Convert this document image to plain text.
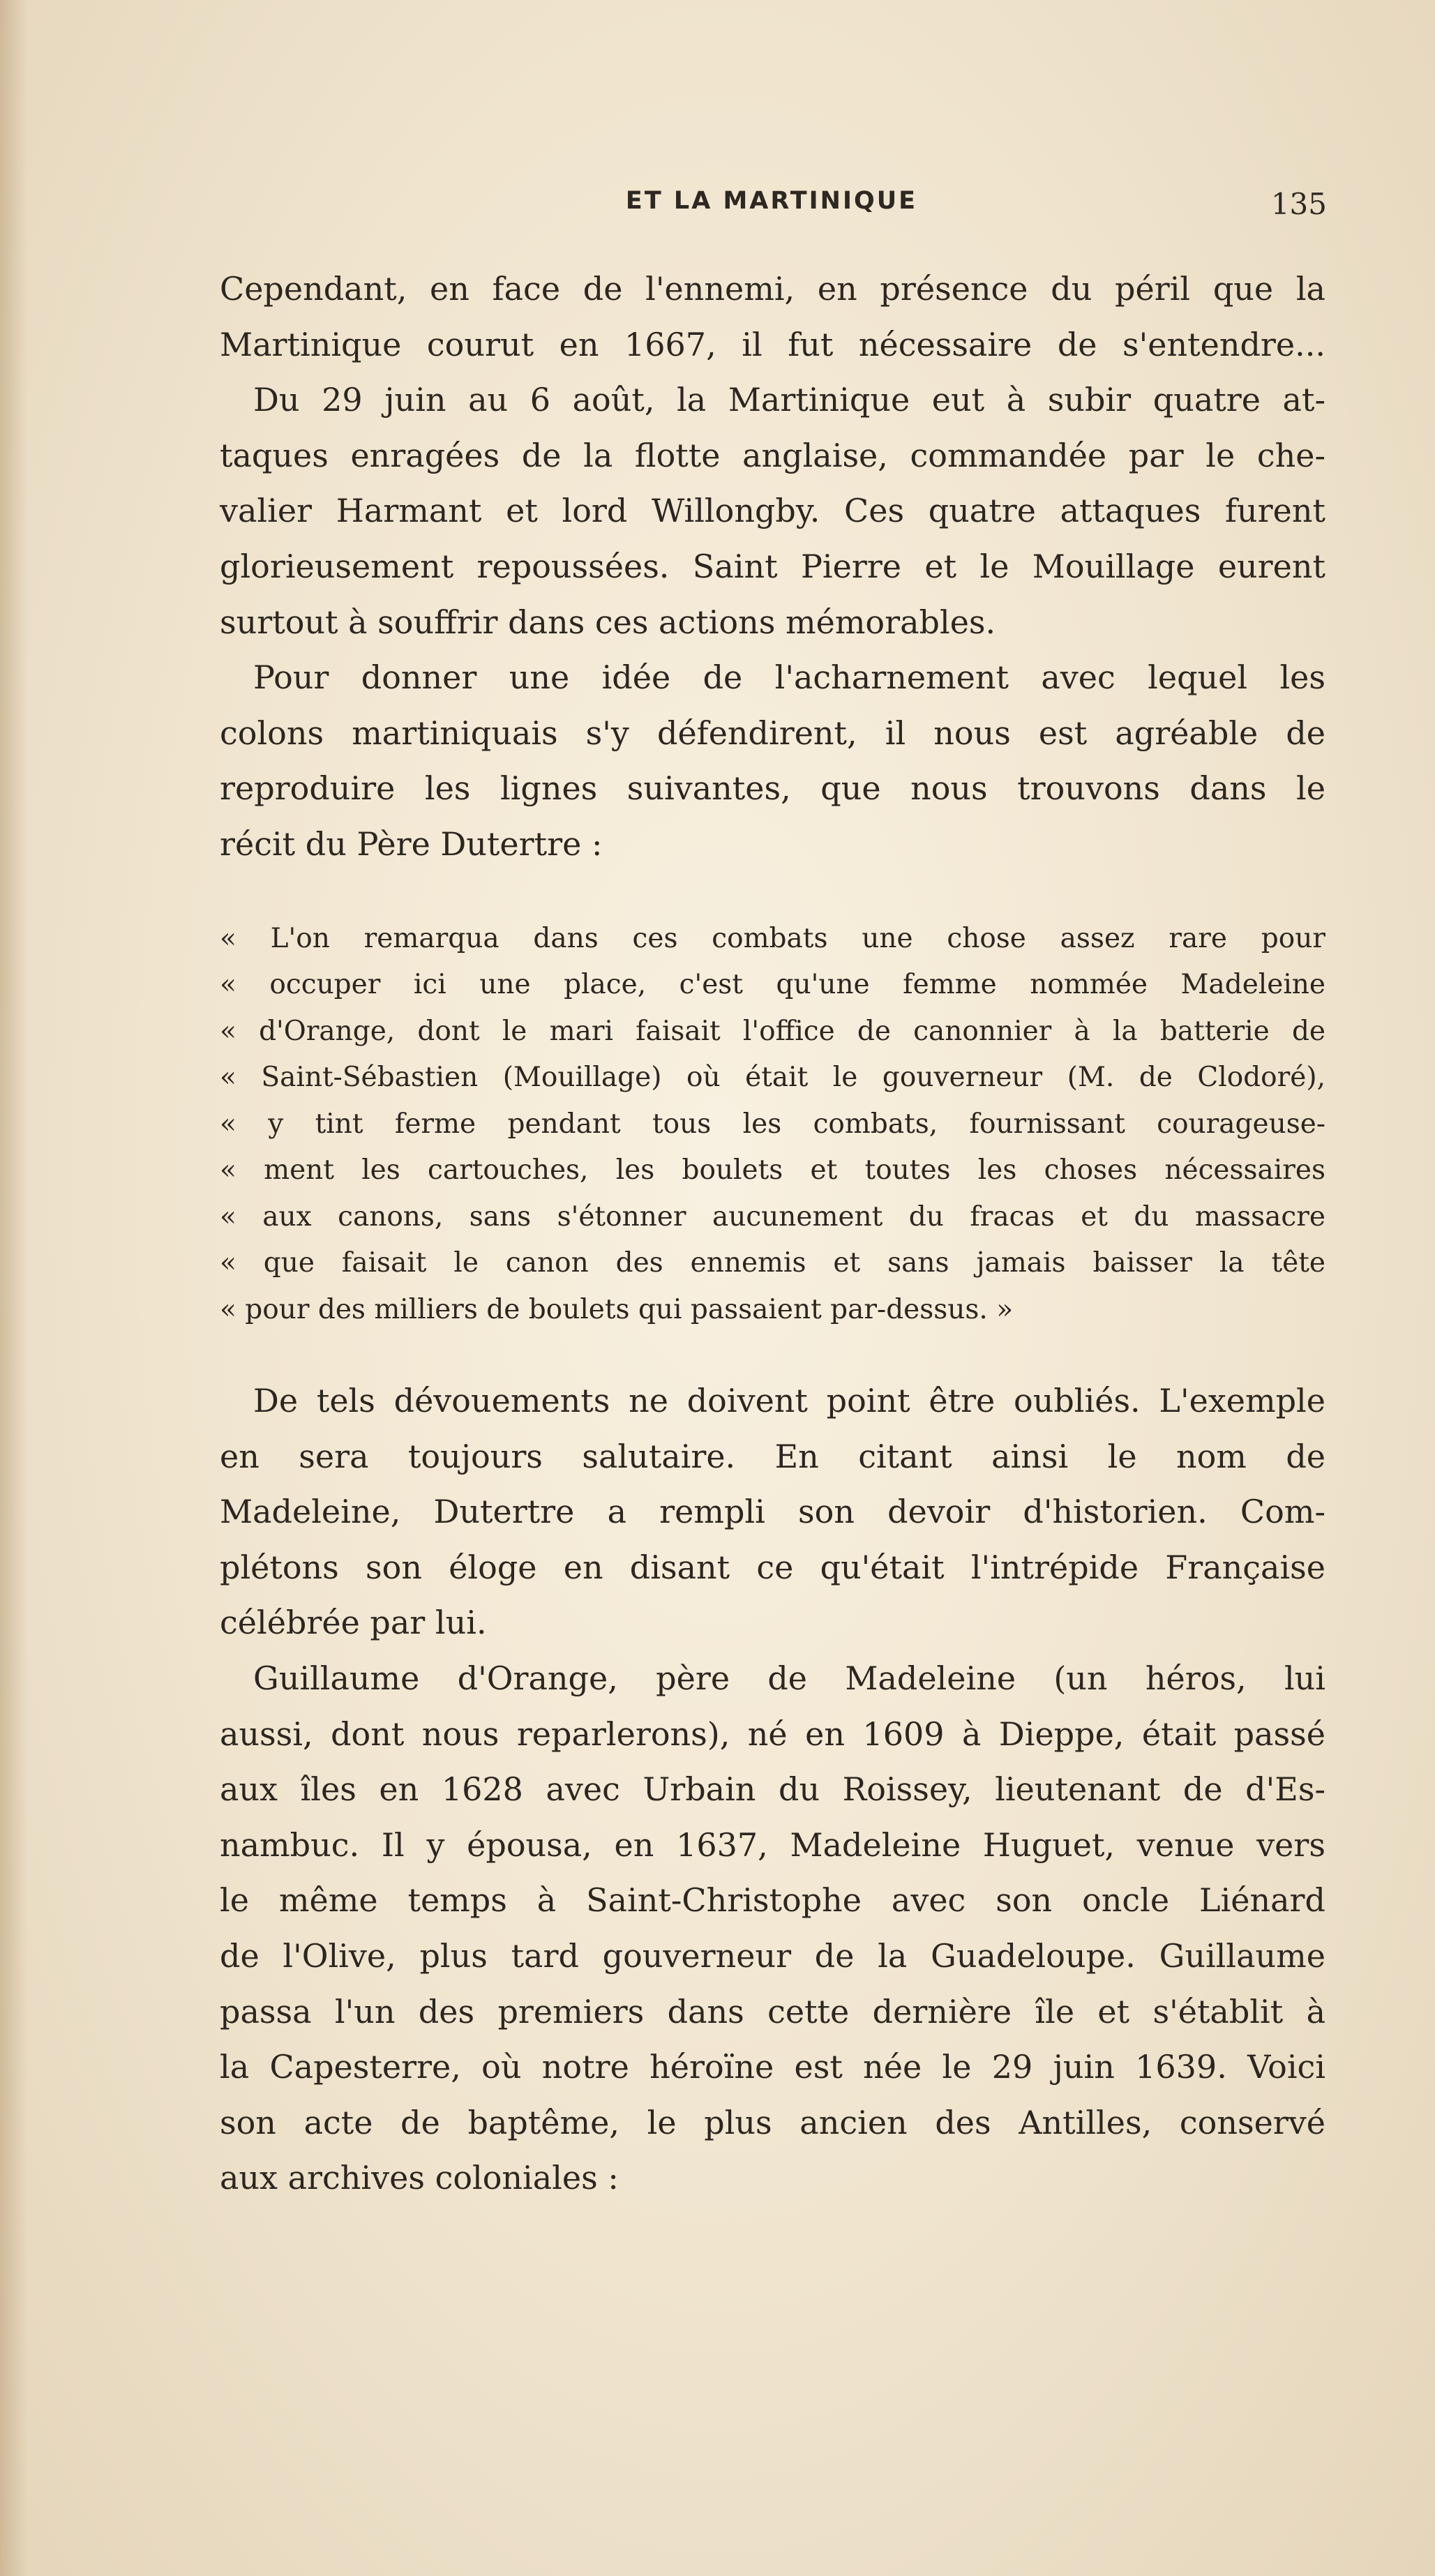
ET LA MARTINIQUE	135

Cependant, en face de l'ennemi, en présence du péril que la
Martinique courut en 1667, il fut nécessaire de s'entendre...
Du 29 juin au 6 août, la Martinique eut à subir quatre at-
taques enragées de la flotte anglaise, commandée par le che-
valier Harmant et lord Willongby. Ces quatre attaques furent
glorieusement repoussées. Saint Pierre et le Mouillage eurent
surtout à souffrir dans ces actions mémorables.

Pour donner une idée de l'acharnement avec lequel les
colons martiniquais s'y défendirent, il nous est agréable de
reproduire les lignes suivantes, que nous trouvons dans le
récit du Père Dutertre :

« L'on remarqua dans ces combats une chose assez rare pour
« occuper ici une place, c'est qu'une femme nommée Madeleine
« d'Orange, dont le mari faisait l'office de canonnier à la batterie de
« Saint-Sébastien (Mouillage) où était le gouverneur (M. de Clodoré),
« y tint ferme pendant tous les combats, fournissant courageuse-
« ment les cartouches, les boulets et toutes les choses nécessaires
« aux canons, sans s'étonner aucunement du fracas et du massacre
« que faisait le canon des ennemis et sans jamais baisser la tête
« pour des milliers de boulets qui passaient par-dessus. »

De tels dévouements ne doivent point être oubliés. L'exemple
en sera toujours salutaire. En citant ainsi le nom de
Madeleine, Dutertre a rempli son devoir d'historien. Com-
plétons son éloge en disant ce qu'était l'intrépide Française
célébrée par lui.

Guillaume d'Orange, père de Madeleine (un héros, lui
aussi, dont nous reparlerons), né en 1609 à Dieppe, était passé
aux îles en 1628 avec Urbain du Roissey, lieutenant de d'Es-
nambuc. Il y épousa, en 1637, Madeleine Huguet, venue vers
le même temps à Saint-Christophe avec son oncle Liénard
de l'Olive, plus tard gouverneur de la Guadeloupe. Guillaume
passa l'un des premiers dans cette dernière île et s'établit à
la Capesterre, où notre héroïne est née le 29 juin 1639. Voici
son acte de baptême, le plus ancien des Antilles, conservé
aux archives coloniales :
